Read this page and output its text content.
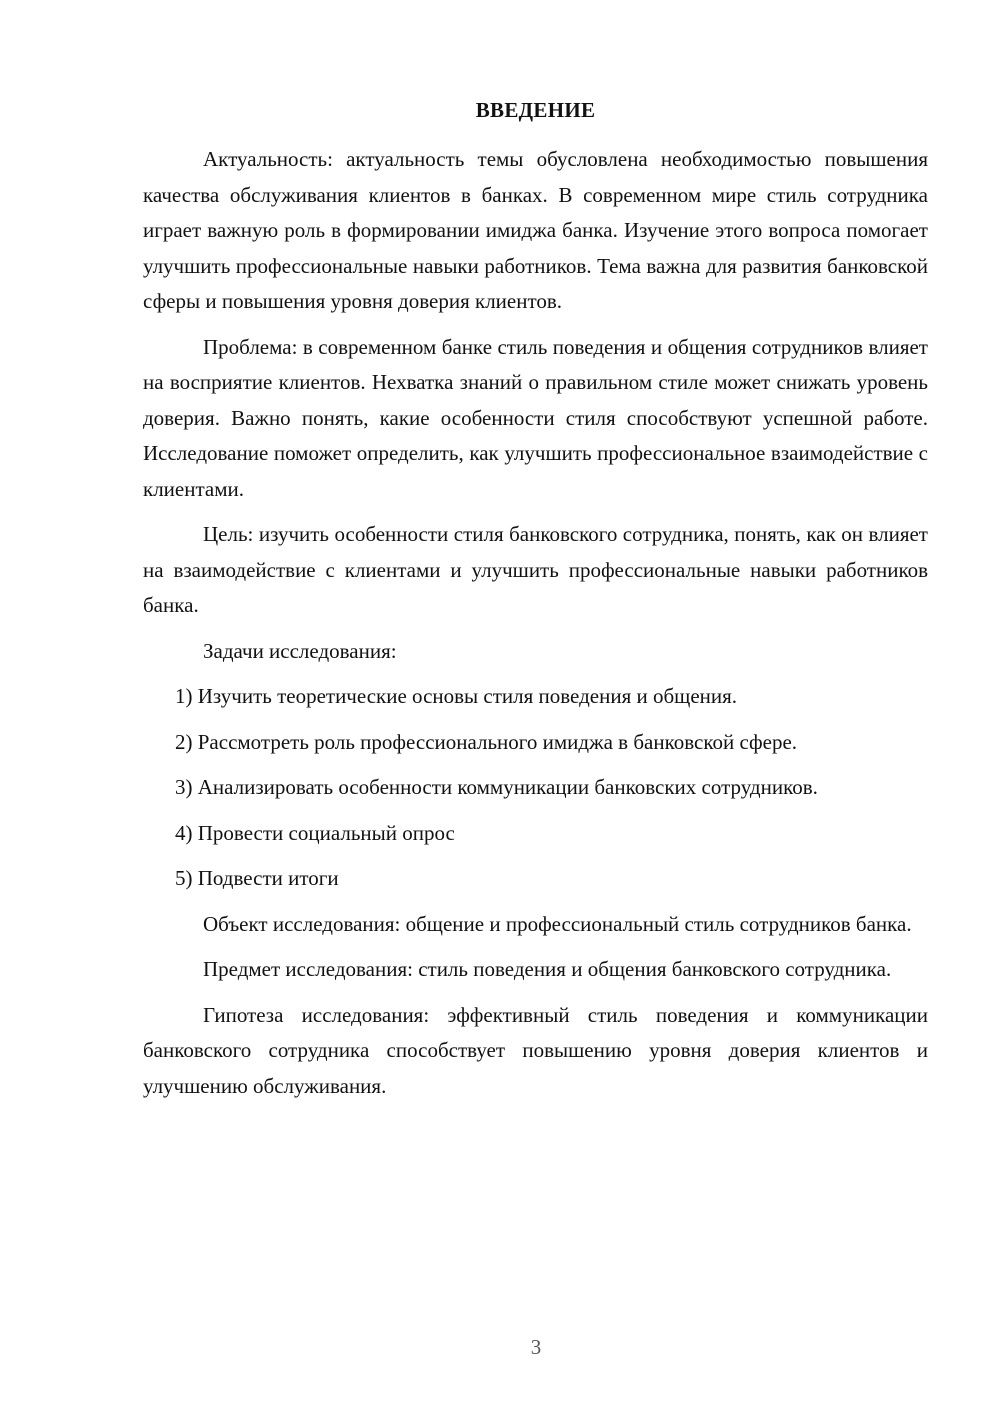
ВВЕДЕНИЕ

Актуальность: актуальность темы обусловлена необходимостью повышения качества обслуживания клиентов в банках. В современном мире стиль сотрудника играет важную роль в формировании имиджа банка. Изучение этого вопроса помогает улучшить профессиональные навыки работников. Тема важна для развития банковской сферы и повышения уровня доверия клиентов.

Проблема: в современном банке стиль поведения и общения сотрудников влияет на восприятие клиентов. Нехватка знаний о правильном стиле может снижать уровень доверия. Важно понять, какие особенности стиля способствуют успешной работе. Исследование поможет определить, как улучшить профессиональное взаимодействие с клиентами.

Цель: изучить особенности стиля банковского сотрудника, понять, как он влияет на взаимодействие с клиентами и улучшить профессиональные навыки работников банка.

Задачи исследования:

1) Изучить теоретические основы стиля поведения и общения.

2) Рассмотреть роль профессионального имиджа в банковской сфере.

3) Анализировать особенности коммуникации банковских сотрудников.

4) Провести социальный опрос

5) Подвести итоги

Объект исследования: общение и профессиональный стиль сотрудников банка.

Предмет исследования: стиль поведения и общения банковского сотрудника.

Гипотеза исследования: эффективный стиль поведения и коммуникации банковского сотрудника способствует повышению уровня доверия клиентов и улучшению обслуживания.

3
